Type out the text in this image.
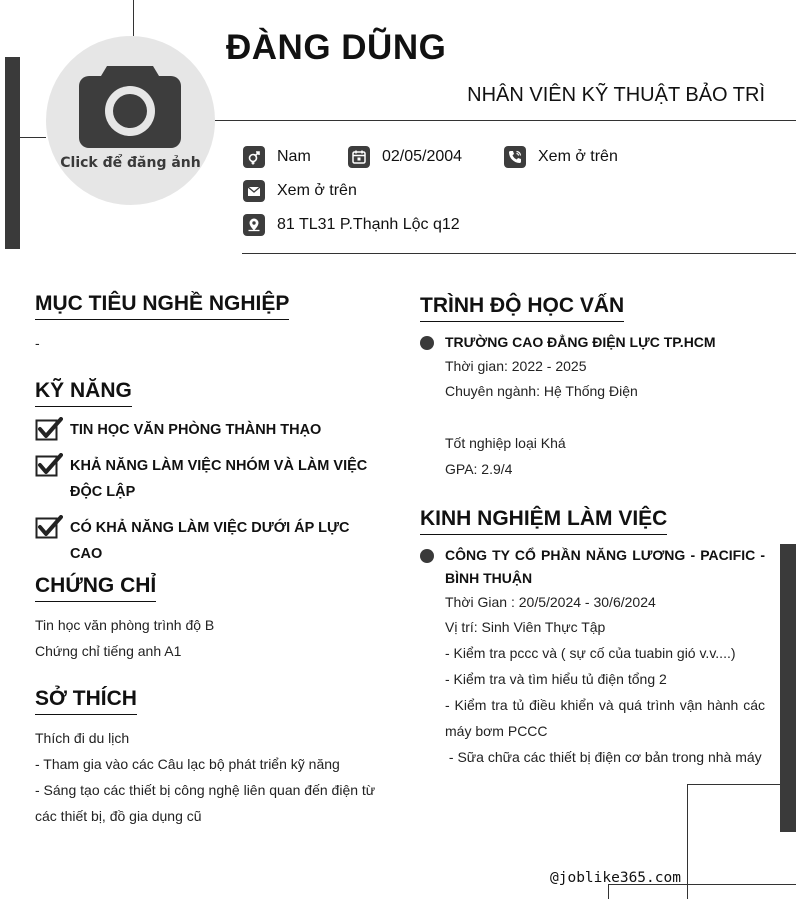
Click để đăng ảnh
ĐÀNG DŨNG
NHÂN VIÊN KỸ THUẬT BẢO TRÌ
Nam	02/05/2004	Xem ở trên
Xem ở trên
81 TL31 P.Thạnh Lộc q12
MỤC TIÊU NGHỀ NGHIỆP
-
KỸ NĂNG
TIN HỌC VĂN PHÒNG THÀNH THẠO
KHẢ NĂNG LÀM VIỆC NHÓM VÀ LÀM VIỆC ĐỘC LẬP
CÓ KHẢ NĂNG LÀM VIỆC DƯỚI ÁP LỰC CAO
CHỨNG CHỈ
Tin học văn phòng trình độ B
Chứng chỉ tiếng anh A1
SỞ THÍCH
Thích đi du lịch
- Tham gia vào các Câu lạc bộ phát triển kỹ năng
- Sáng tạo các thiết bị công nghệ liên quan đến điện từ các thiết bị, đồ gia dụng cũ
TRÌNH ĐỘ HỌC VẤN
TRƯỜNG CAO ĐẲNG ĐIỆN LỰC TP.HCM
Thời gian: 2022 - 2025
Chuyên ngành: Hệ Thống Điện
Tốt nghiệp loại Khá
GPA: 2.9/4
KINH NGHIỆM LÀM VIỆC
CÔNG TY CỔ PHẦN NĂNG LƯƠNG - PACIFIC - BÌNH THUẬN
Thời Gian : 20/5/2024 - 30/6/2024
Vị trí: Sinh Viên Thực Tập
- Kiểm tra pccc và ( sự cố của tuabin gió v.v....)
- Kiểm tra và tìm hiểu tủ điện tổng 2
- Kiểm tra tủ điều khiển và quá trình vận hành các máy bơm PCCC
- Sữa chữa các thiết bị điện cơ bản trong nhà máy
@joblike365.com
